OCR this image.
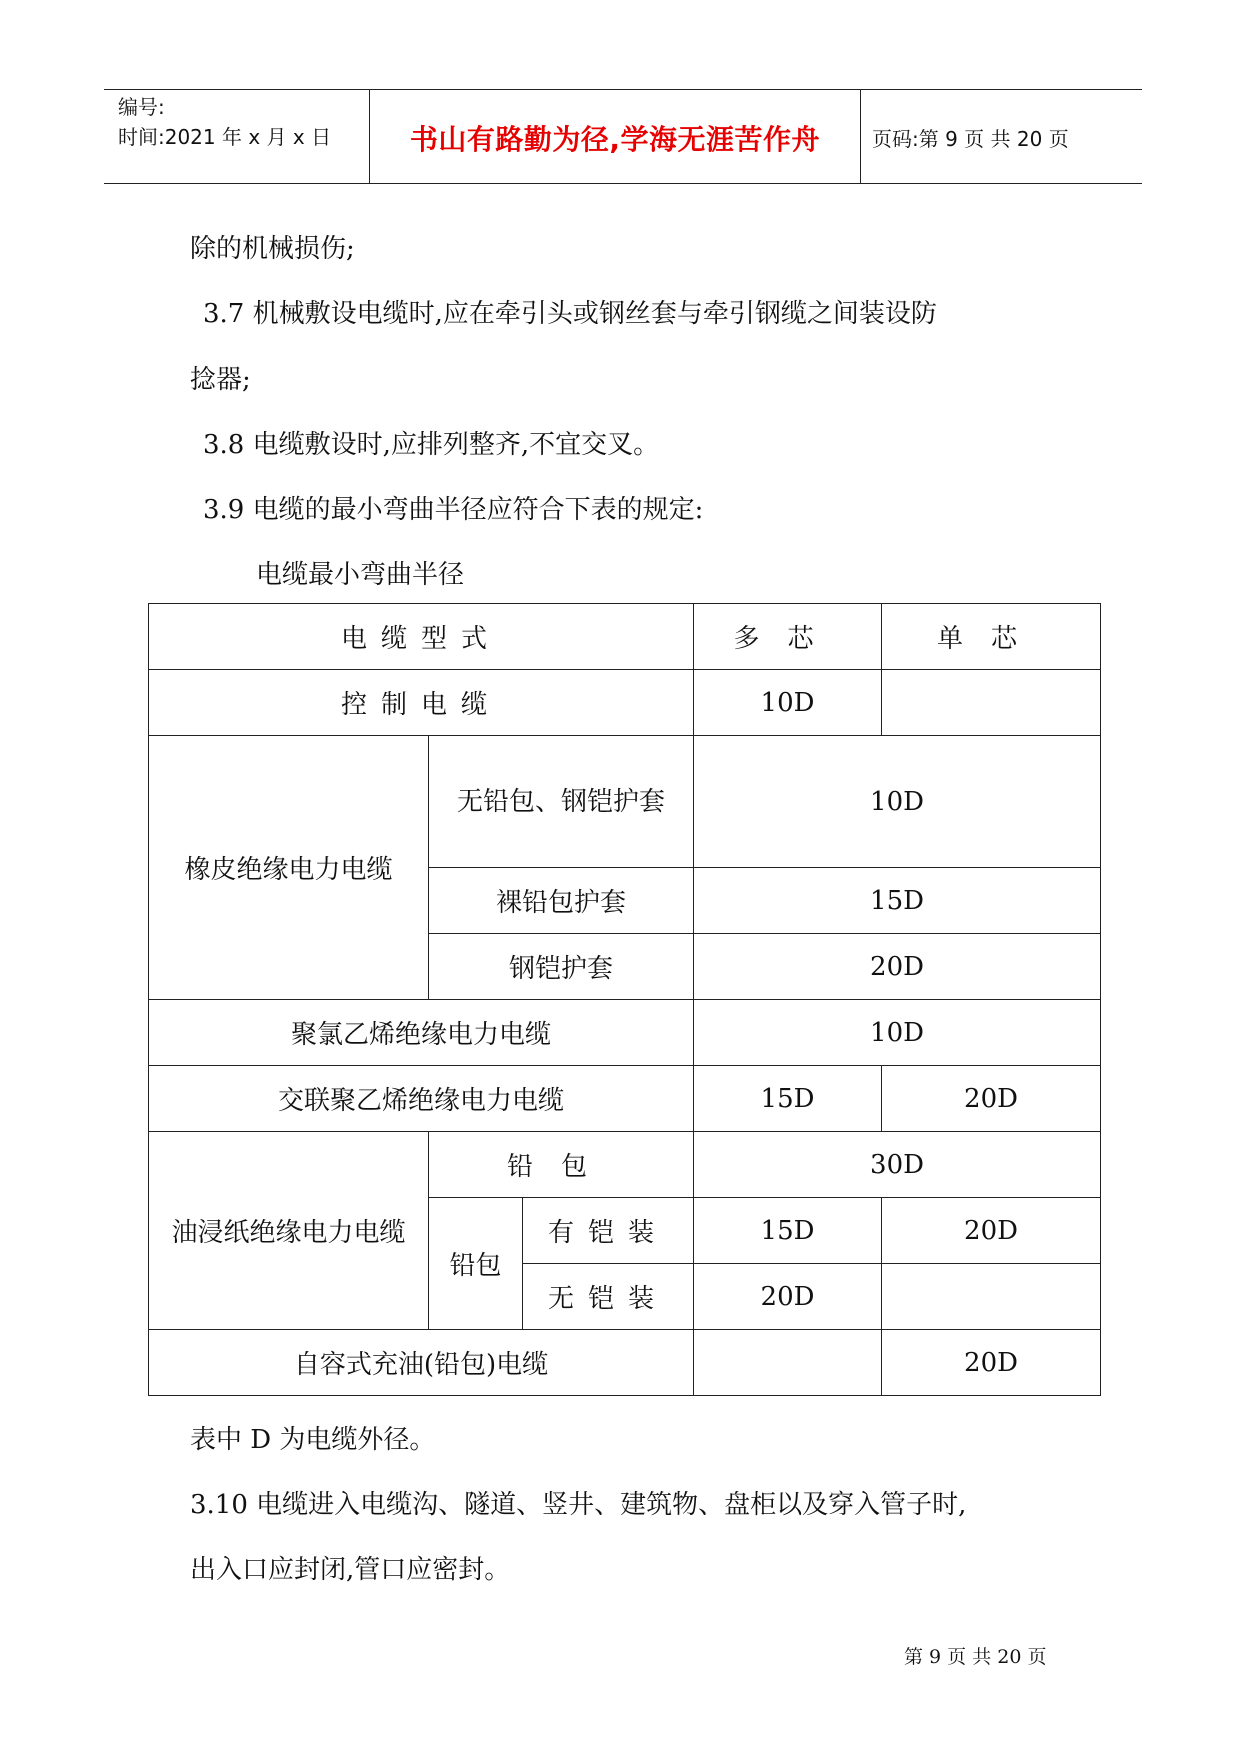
编号:
时间:2021 年 x 月 x 日	书山有路勤为径,学海无涯苦作舟	页码:第 9 页 共 20 页
除的机械损伤;
3.7 机械敷设电缆时,应在牵引头或钢丝套与牵引钢缆之间装设防
捻器;
3.8 电缆敷设时,应排列整齐,不宜交叉。
3.9 电缆的最小弯曲半径应符合下表的规定:
电缆最小弯曲半径
电缆型式			多芯	单芯
控制电缆			10D	
橡皮绝缘电力电缆	无铅包、钢铠护套		10D	
	裸铅包护套		15D	
	钢铠护套		20D	
聚氯乙烯绝缘电力电缆			10D	
交联聚乙烯绝缘电力电缆			15D	20D
油浸纸绝缘电力电缆	铅包		30D	
	铅包	有铠装	15D	20D
		无铠装	20D	
自容式充油(铅包)电缆				20D
表中 D 为电缆外径。
3.10 电缆进入电缆沟、隧道、竖井、建筑物、盘柜以及穿入管子时,
出入口应封闭,管口应密封。
第 9 页 共 20 页
